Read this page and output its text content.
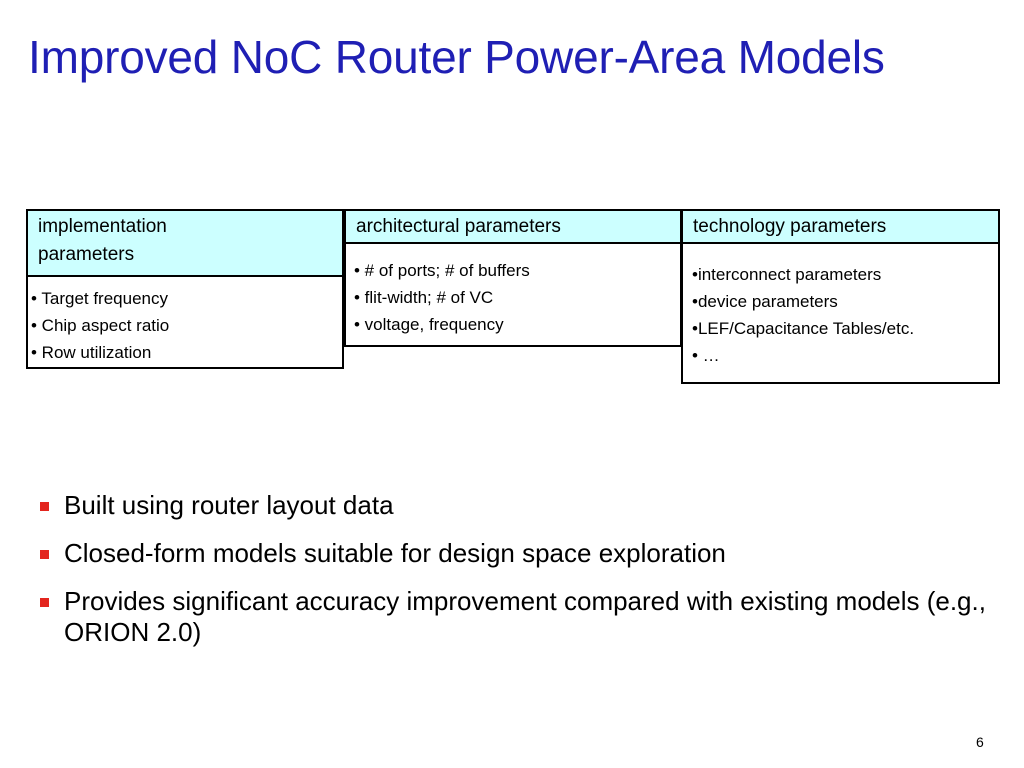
Improved NoC Router Power-Area Models
implementation
parameters
• Target frequency
• Chip aspect ratio
• Row utilization
architectural parameters
• # of ports; # of buffers
• flit-width; # of VC
• voltage, frequency
technology parameters
•interconnect parameters
•device parameters
•LEF/Capacitance Tables/etc.
• …
Built using router layout data
Closed-form models suitable for design space exploration
Provides significant accuracy improvement compared with existing models (e.g., ORION 2.0)
6
